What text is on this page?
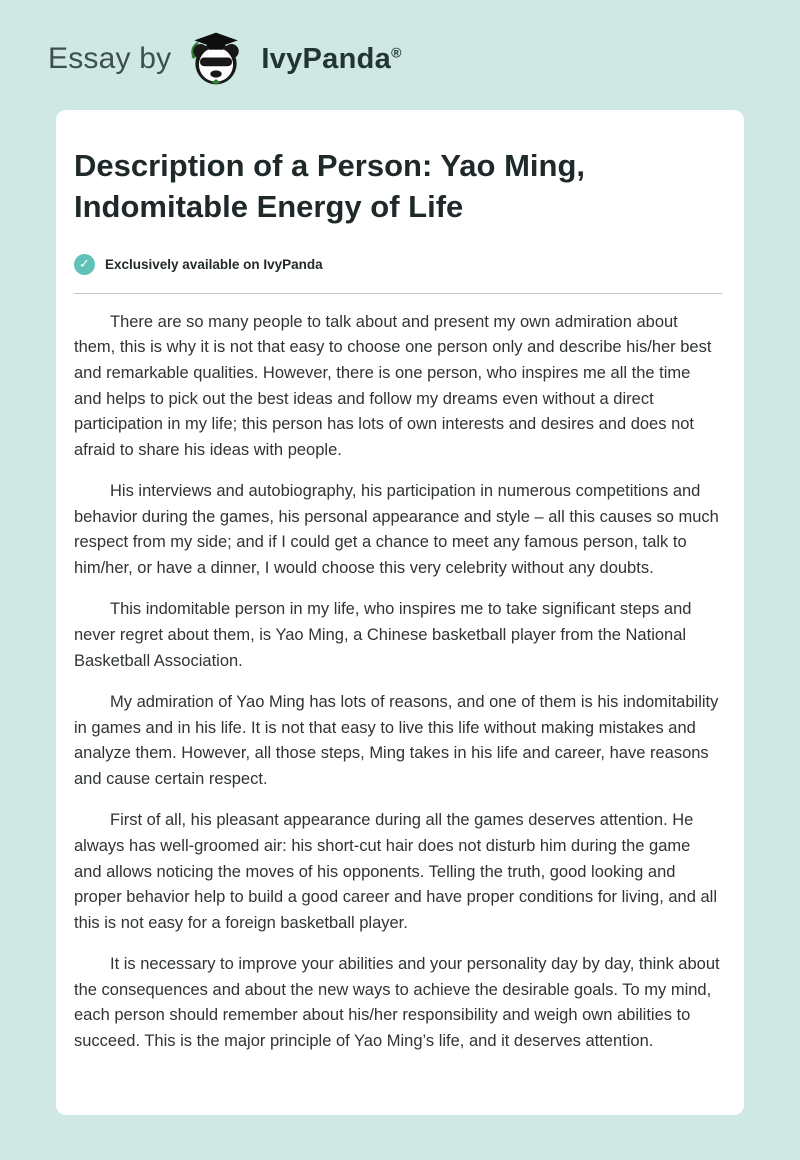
Essay by	IvyPanda®
Description of a Person: Yao Ming, Indomitable Energy of Life
✓	Exclusively available on IvyPanda

There are so many people to talk about and present my own admiration about them, this is why it is not that easy to choose one person only and describe his/her best and remarkable qualities. However, there is one person, who inspires me all the time and helps to pick out the best ideas and follow my dreams even without a direct participation in my life; this person has lots of own interests and desires and does not afraid to share his ideas with people.

His interviews and autobiography, his participation in numerous competitions and behavior during the games, his personal appearance and style – all this causes so much respect from my side; and if I could get a chance to meet any famous person, talk to him/her, or have a dinner, I would choose this very celebrity without any doubts.

This indomitable person in my life, who inspires me to take significant steps and never regret about them, is Yao Ming, a Chinese basketball player from the National Basketball Association.

My admiration of Yao Ming has lots of reasons, and one of them is his indomitability in games and in his life. It is not that easy to live this life without making mistakes and analyze them. However, all those steps, Ming takes in his life and career, have reasons and cause certain respect.

First of all, his pleasant appearance during all the games deserves attention. He always has well-groomed air: his short-cut hair does not disturb him during the game and allows noticing the moves of his opponents. Telling the truth, good looking and proper behavior help to build a good career and have proper conditions for living, and all this is not easy for a foreign basketball player.

It is necessary to improve your abilities and your personality day by day, think about the consequences and about the new ways to achieve the desirable goals. To my mind, each person should remember about his/her responsibility and weigh own abilities to succeed. This is the major principle of Yao Ming’s life, and it deserves attention.
